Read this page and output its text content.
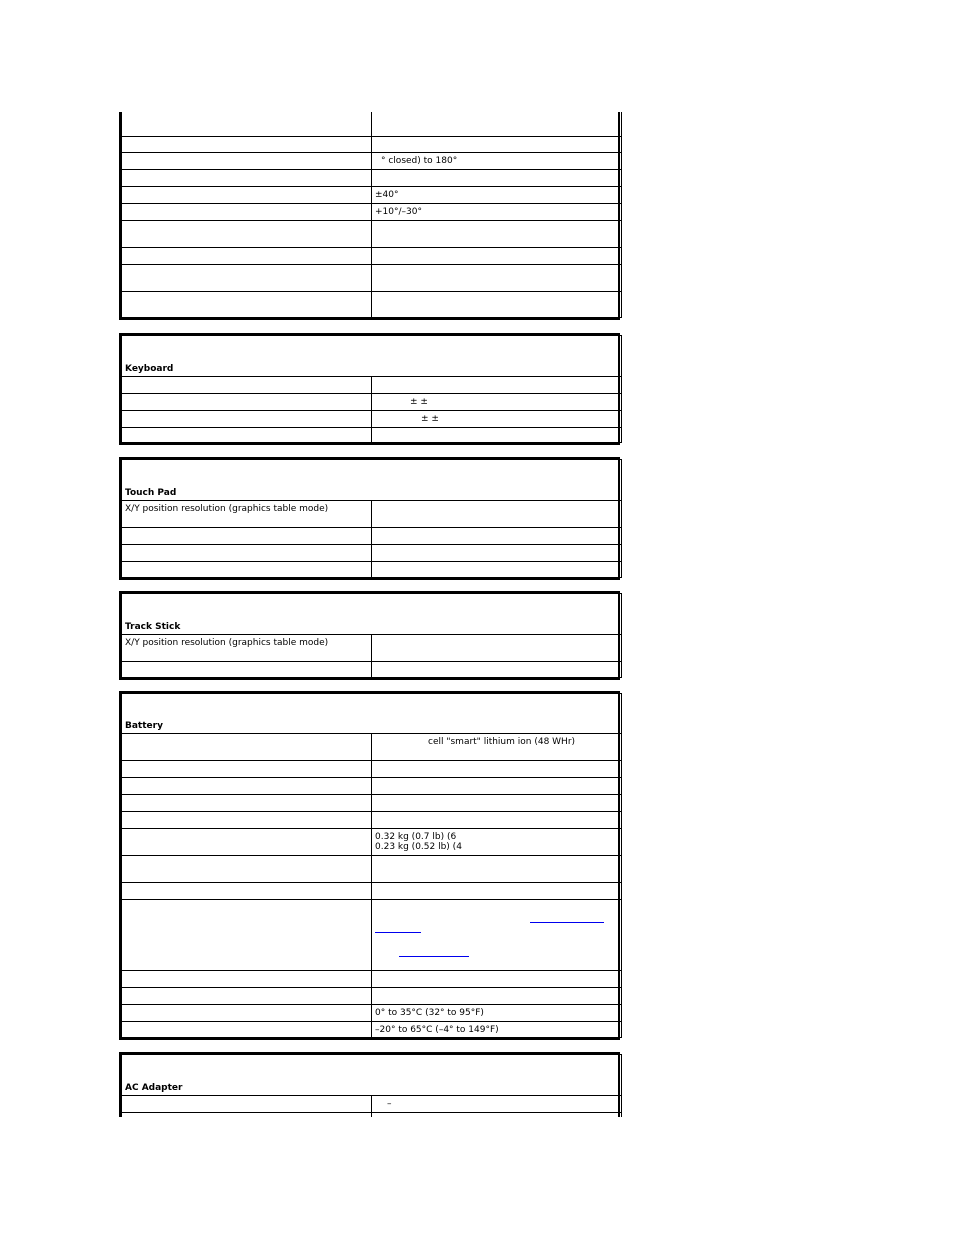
	° closed) to 180°

	±40°
	+10°/–30°

Keyboard	

	± ±
	± ±

Touch Pad	
X/Y position resolution (graphics table mode)	

Track Stick	
X/Y position resolution (graphics table mode)	

Battery	
	cell "smart" lithium ion (48 WHr)

	0.32 kg (0.7 lb) (6
0.23 kg (0.52 lb) (4

	0° to 35°C (32° to 95°F)
	–20° to 65°C (–4° to 149°F)
AC Adapter	
	–
